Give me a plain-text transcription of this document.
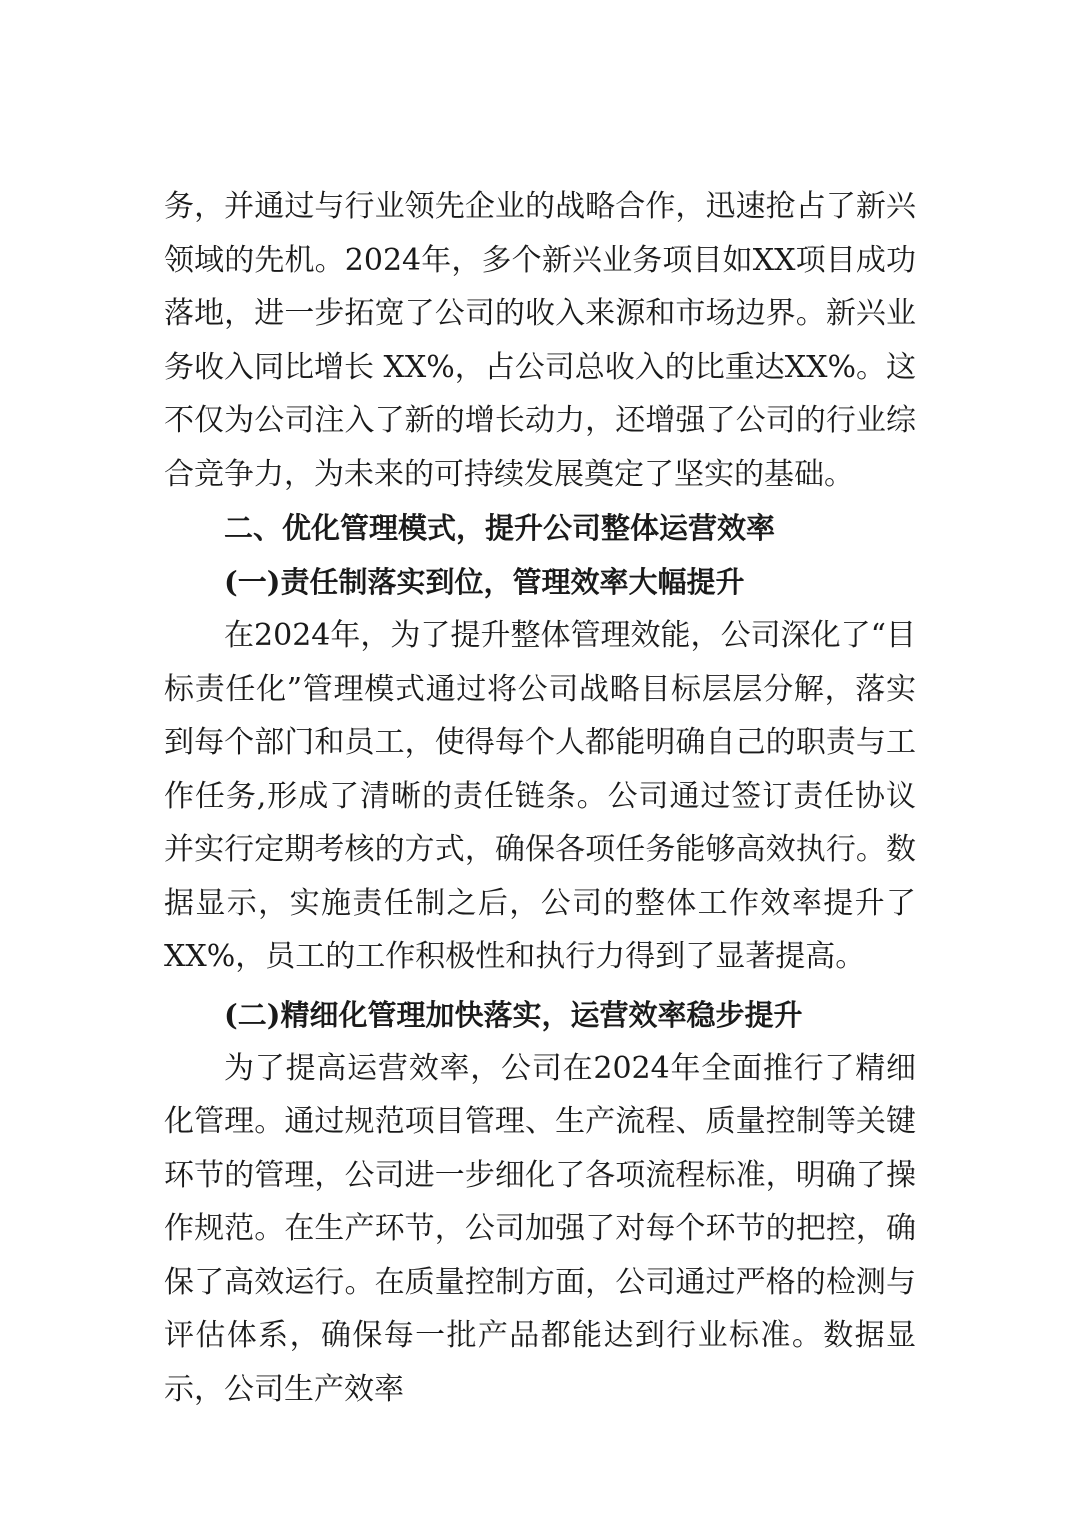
务，并通过与行业领先企业的战略合作，迅速抢占了新兴领域的先机。2024年，多个新兴业务项目如XX项目成功落地，进一步拓宽了公司的收入来源和市场边界。新兴业务收入同比增长 XX%，占公司总收入的比重达XX%。这不仅为公司注入了新的增长动力，还增强了公司的行业综合竞争力，为未来的可持续发展奠定了坚实的基础。

二、优化管理模式，提升公司整体运营效率

(一)责任制落实到位，管理效率大幅提升

在2024年，为了提升整体管理效能，公司深化了“目标责任化”管理模式通过将公司战略目标层层分解，落实到每个部门和员工，使得每个人都能明确自己的职责与工作任务,形成了清晰的责任链条。公司通过签订责任协议并实行定期考核的方式，确保各项任务能够高效执行。数据显示，实施责任制之后，公司的整体工作效率提升了XX%，员工的工作积极性和执行力得到了显著提高。

(二)精细化管理加快落实，运营效率稳步提升

为了提高运营效率，公司在2024年全面推行了精细化管理。通过规范项目管理、生产流程、质量控制等关键环节的管理，公司进一步细化了各项流程标准，明确了操作规范。在生产环节，公司加强了对每个环节的把控，确保了高效运行。在质量控制方面，公司通过严格的检测与评估体系，确保每一批产品都能达到行业标准。数据显示，公司生产效率
